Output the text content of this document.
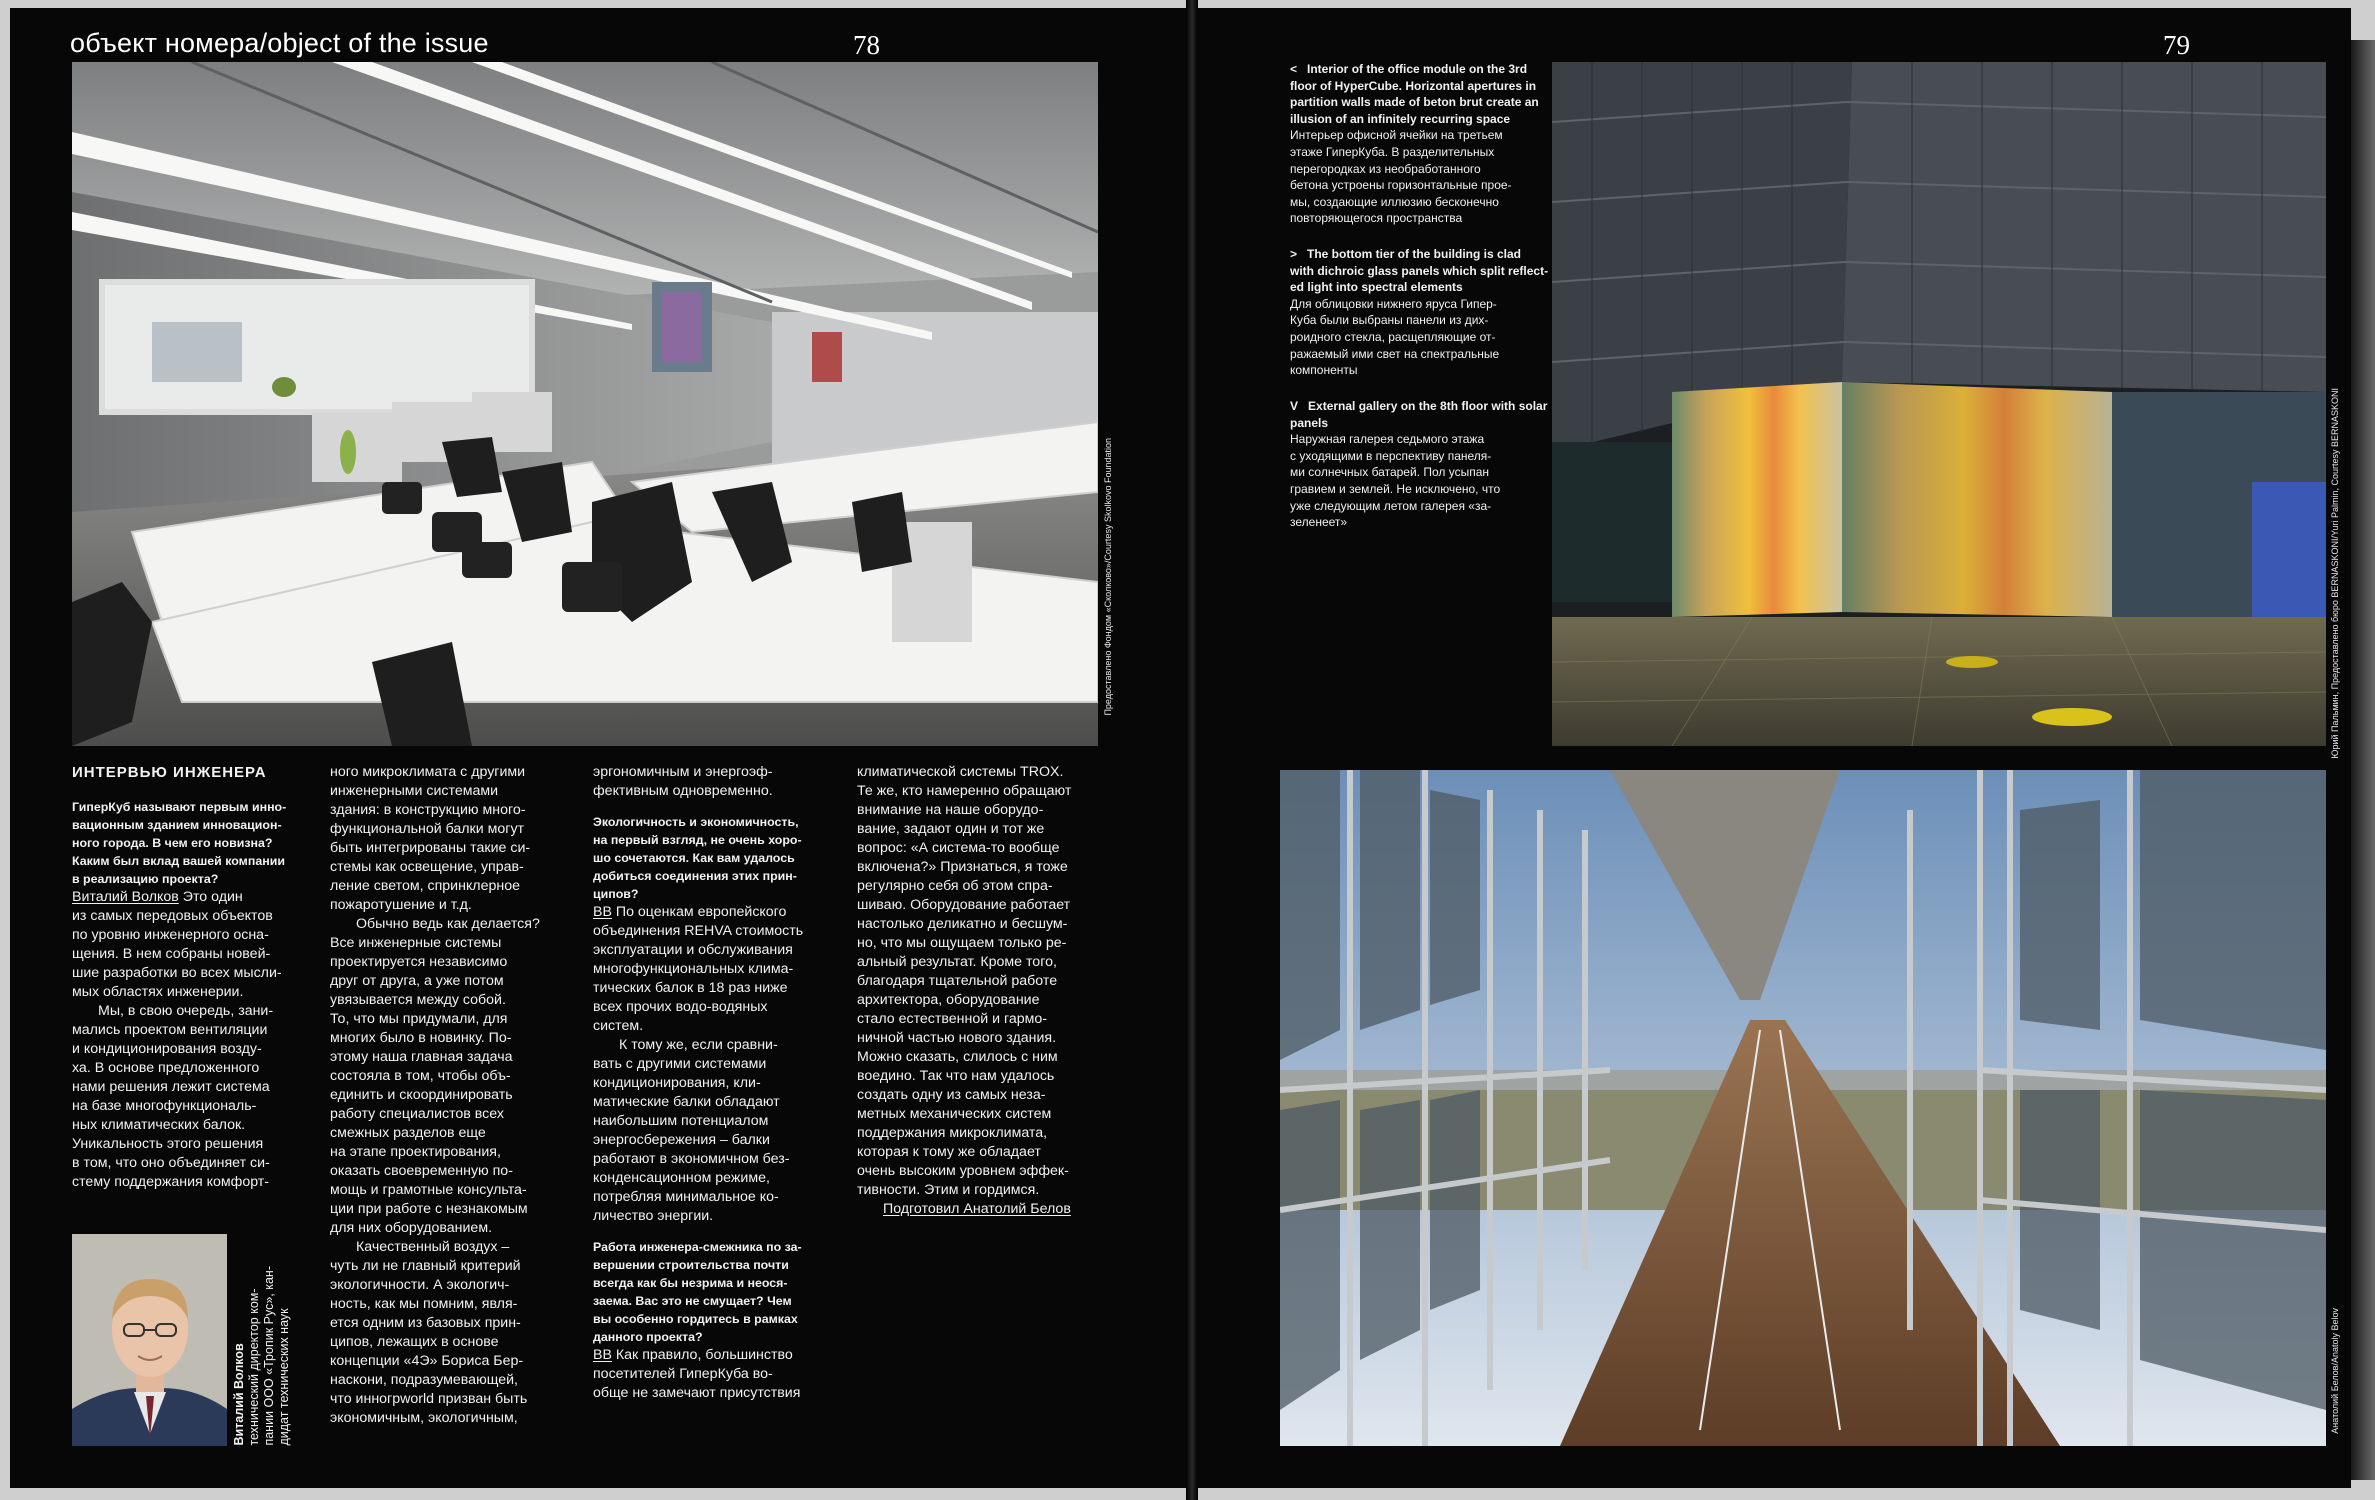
объект номера/object of the issue	78
Предоставлено Фондом «Сколково»/Courtesy Skolkovo Foundation

ИНТЕРВЬЮ ИНЖЕНЕРА

ГиперКуб называют первым инно-

вационным зданием инновацион-

ного города. В чем его новизна?

Каким был вклад вашей компании

в реализацию проекта?

Виталий Волков Это один

из самых передовых объектов

по уровню инженерного осна-

щения. В нем собраны новей-

шие разработки во всех мысли-

мых областях инженерии.

Мы, в свою очередь, зани-

мались проектом вентиляции

и кондиционирования возду-

ха. В основе предложенного

нами решения лежит система

на базе многофункциональ-

ных климатических балок.

Уникальность этого решения

в том, что оно объединяет си-

стему поддержания комфорт-

Виталий Волков технический директор ком- пании ООО «Тропик Рус», кан- дидат технических наук

ного микроклимата с другими

инженерными системами

здания: в конструкцию много-

функциональной балки могут

быть интегрированы такие си-

стемы как освещение, управ-

ление светом, спринклерное

пожаротушение и т.д.

Обычно ведь как делается?

Все инженерные системы

проектируется независимо

друг от друга, а уже потом

увязывается между собой.

То, что мы придумали, для

многих было в новинку. По-

этому наша главная задача

состояла в том, чтобы объ-

единить и скоординировать

работу специалистов всех

смежных разделов еще

на этапе проектирования,

оказать своевременную по-

мощь и грамотные консульта-

ции при работе с незнакомым

для них оборудованием.

Качественный воздух –

чуть ли не главный критерий

экологичности. А экологич-

ность, как мы помним, явля-

ется одним из базовых прин-

ципов, лежащих в основе

концепции «4Э» Бориса Бер-

наскони, подразумевающей,

что инногрworld призван быть

экономичным, экологичным,

эргономичным и энергоэф-

фективным одновременно.

Экологичность и экономичность,

на первый взгляд, не очень хоро-

шо сочетаются. Как вам удалось

добиться соединения этих прин-

ципов?

ВВ По оценкам европейского

объединения REHVA стоимость

эксплуатации и обслуживания

многофункциональных клима-

тических балок в 18 раз ниже

всех прочих водо-водяных

систем.

К тому же, если сравни-

вать с другими системами

кондиционирования, кли-

матические балки обладают

наибольшим потенциалом

энергосбережения – балки

работают в экономичном без-

конденсационном режиме,

потребляя минимальное ко-

личество энергии.

Работа инженера-смежника по за-

вершении строительства почти

всегда как бы незрима и неося-

заема. Вас это не смущает? Чем

вы особенно гордитесь в рамках

данного проекта?

ВВ Как правило, большинство

посетителей ГиперКуба во-

обще не замечают присутствия

климатической системы TROX.

Те же, кто намеренно обращают

внимание на наше оборудо-

вание, задают один и тот же

вопрос: «А система-то вообще

включена?» Признаться, я тоже

регулярно себя об этом спра-

шиваю. Оборудование работает

настолько деликатно и бесшум-

но, что мы ощущаем только ре-

альный результат. Кроме того,

благодаря тщательной работе

архитектора, оборудование

стало естественной и гармо-

ничной частью нового здания.

Можно сказать, слилось с ним

воедино. Так что нам удалось

создать одну из самых неза-

метных механических систем

поддержания микроклимата,

которая к тому же обладает

очень высоким уровнем эффек-

тивности. Этим и гордимся.

Подготовил Анатолий Белов

79
< Interior of the office module on the 3rd
floor of HyperCube. Horizontal apertures in
partition walls made of beton brut create an
illusion of an infinitely recurring space
Интерьер офисной ячейки на третьем
этаже ГиперКуба. В разделительных
перегородках из необработанного
бетона устроены горизонтальные прое-
мы, создающие иллюзию бесконечно
повторяющегося пространства
> The bottom tier of the building is clad
with dichroic glass panels which split reflect-
ed light into spectral elements
Для облицовки нижнего яруса Гипер-
Куба были выбраны панели из дих-
роидного стекла, расщепляющие от-
ражаемый ими свет на спектральные
компоненты
V External gallery on the 8th floor with solar
panels
Наружная галерея седьмого этажа
с уходящими в перспективу панеля-
ми солнечных батарей. Пол усыпан
гравием и землей. Не исключено, что
уже следующим летом галерея «за-
зеленеет»	Юрий Пальмин, Предоставлено бюро BERNASKONI/Yuri Palmin, Courtesy BERNASKONI
Анатолий Белов/Anatoly Belov
